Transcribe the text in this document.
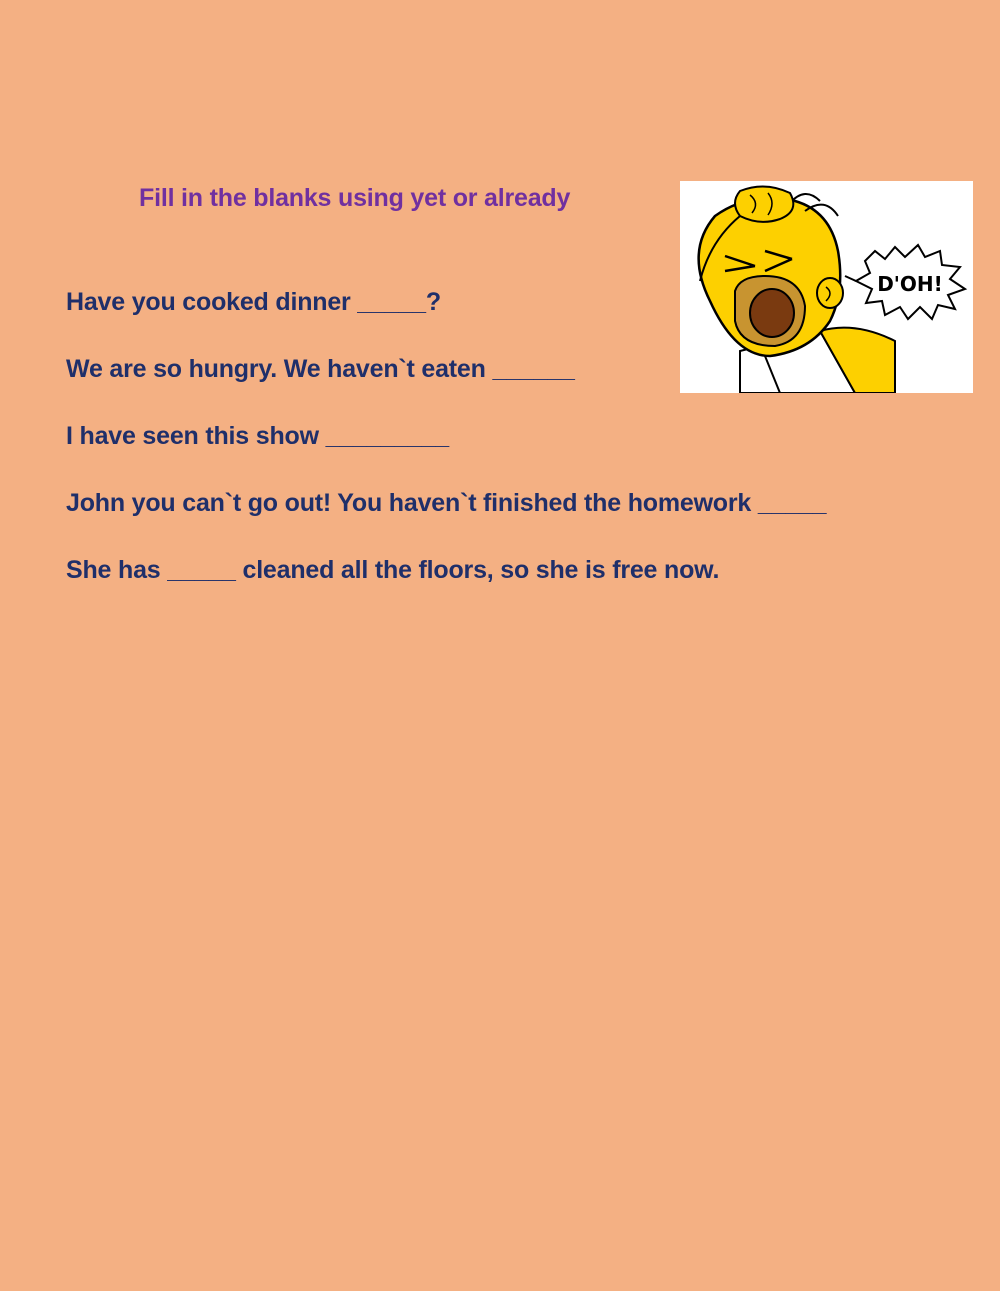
Fill in the blanks using yet or already
Have you cooked dinner _____?
We are so hungry. We haven`t eaten ______
I have seen this show _________
John you can`t go out! You haven`t finished the homework _____
She has _____ cleaned all the floors, so she is free now.
D'OH!
